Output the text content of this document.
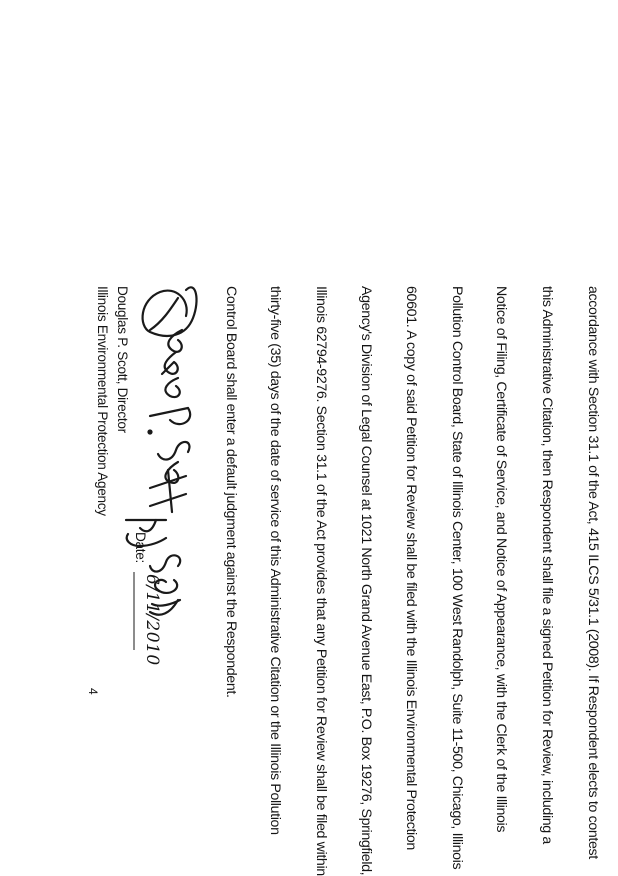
accordance with Section 31.1 of the Act, 415 ILCS 5/31.1 (2008). If Respondent elects to contest
this Administrative Citation, then Respondent shall file a signed Petition for Review, including a
Notice of Filing, Certificate of Service, and Notice of Appearance, with the Clerk of the Illinois
Pollution Control Board, State of Illinois Center, 100 West Randolph, Suite 11-500, Chicago, Illinois
60601. A copy of said Petition for Review shall be filed with the Illinois Environmental Protection
Agency's Division of Legal Counsel at 1021 North Grand Avenue East, P.O. Box 19276, Springfield,
Illinois 62794-9276. Section 31.1 of the Act provides that any Petition for Review shall be filed within
thirty-five (35) days of the date of service of this Administrative Citation or the Illinois Pollution
Control Board shall enter a default judgment against the Respondent.
Douglas P. Scott, Director
Illinois Environmental Protection Agency
Date:
6/11/2010
4
